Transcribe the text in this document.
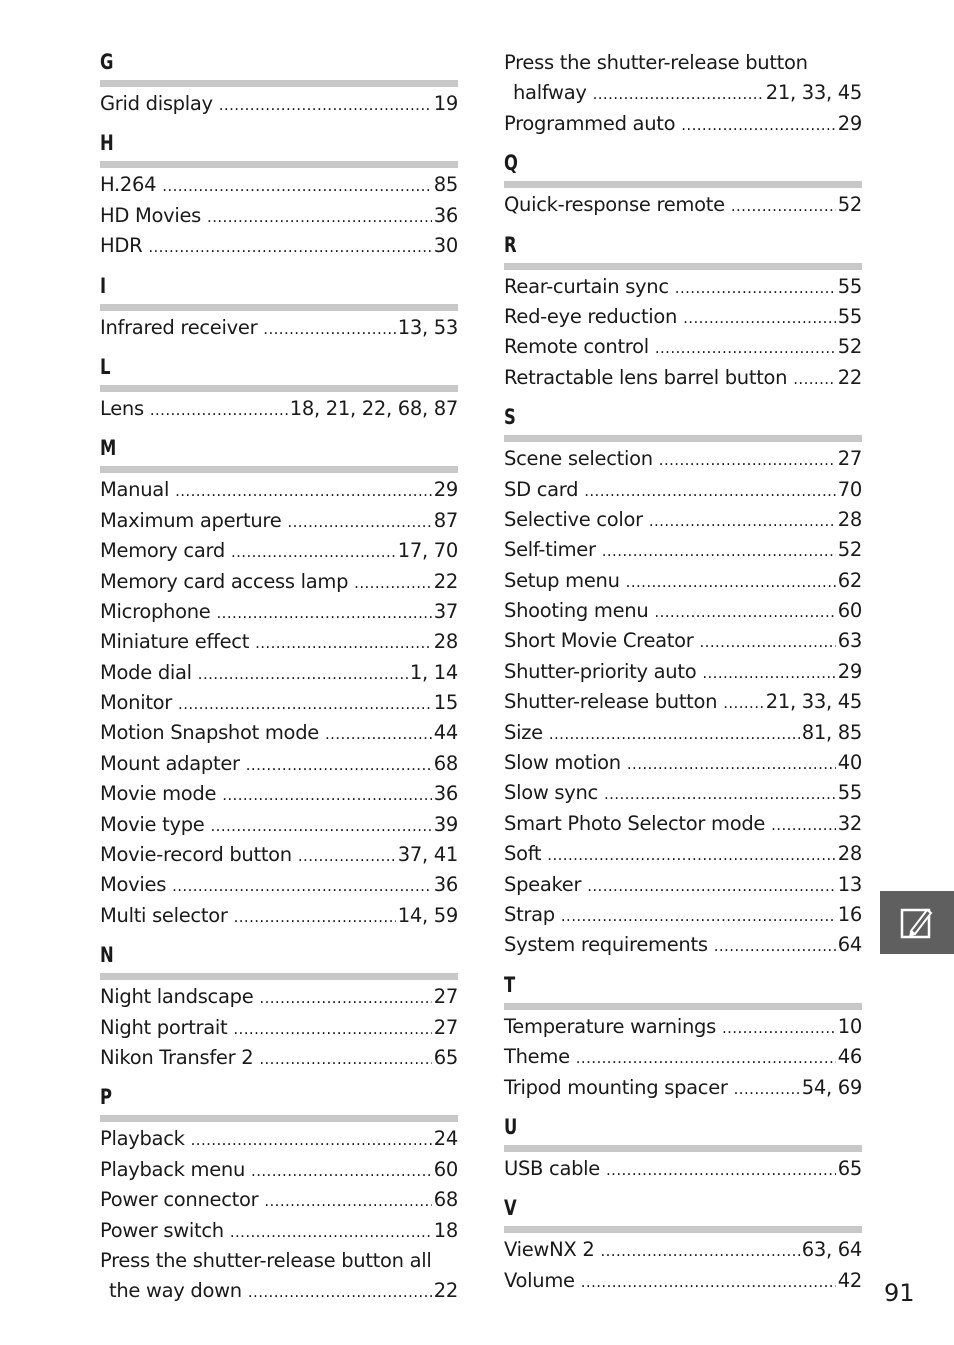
G
Grid display .....	19
H
H.264 .....	85
HD Movies .....	36
HDR .....	30
I
Infrared receiver .....	13, 53
L
Lens .....	18, 21, 22, 68, 87
M
Manual .....	29
Maximum aperture .....	87
Memory card .....	17, 70
Memory card access lamp .....	22
Microphone .....	37
Miniature effect .....	28
Mode dial .....	1, 14
Monitor .....	15
Motion Snapshot mode .....	44
Mount adapter .....	68
Movie mode .....	36
Movie type .....	39
Movie-record button .....	37, 41
Movies .....	36
Multi selector .....	14, 59
N
Night landscape .....	27
Night portrait .....	27
Nikon Transfer 2 .....	65
P
Playback .....	24
Playback menu .....	60
Power connector .....	68
Power switch .....	18
Press the shutter-release button all
the way down .....	22
Press the shutter-release button
halfway .....	21, 33, 45
Programmed auto .....	29
Q
Quick-response remote .....	52
R
Rear-curtain sync .....	55
Red-eye reduction .....	55
Remote control .....	52
Retractable lens barrel button .....	22
S
Scene selection .....	27
SD card .....	70
Selective color .....	28
Self-timer .....	52
Setup menu .....	62
Shooting menu .....	60
Short Movie Creator .....	63
Shutter-priority auto .....	29
Shutter-release button ..... 21, 33, 45
Size .....	81, 85
Slow motion .....	40
Slow sync .....	55
Smart Photo Selector mode .....	32
Soft .....	28
Speaker .....	13
Strap .....	16
System requirements .....	64
T
Temperature warnings .....	10
Theme .....	46
Tripod mounting spacer .....	54, 69
U
USB cable .....	65
V
ViewNX 2 .....	63, 64
Volume .....	42 91
